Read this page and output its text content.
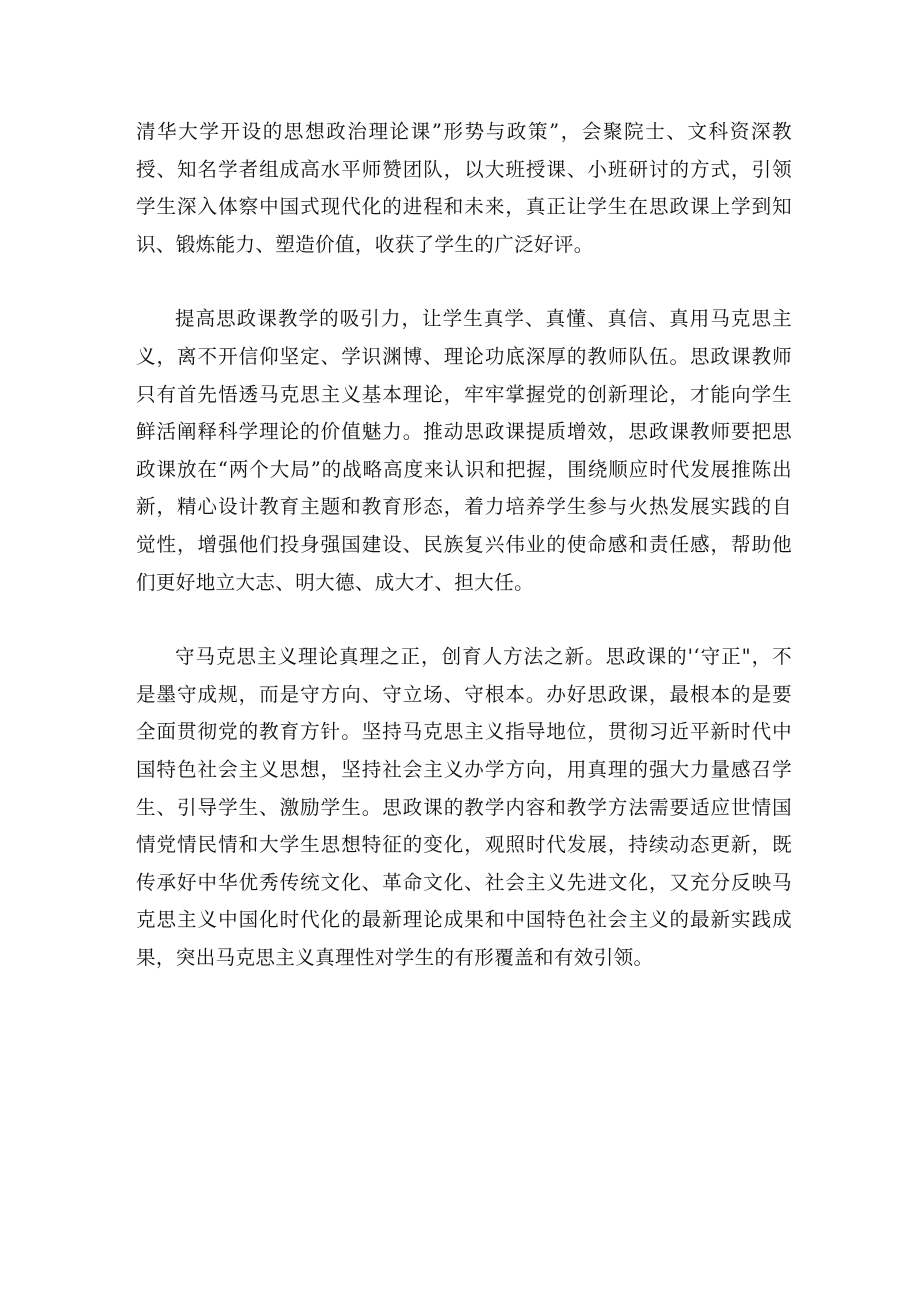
清华大学开设的思想政治理论课”形势与政策”，会聚院士、文科资深教授、知名学者组成高水平师赞团队，以大班授课、小班研讨的方式，引领学生深入体察中国式现代化的进程和未来，真正让学生在思政课上学到知识、锻炼能力、塑造价值，收获了学生的广泛好评。

提高思政课教学的吸引力，让学生真学、真懂、真信、真用马克思主义，离不开信仰坚定、学识渊博、理论功底深厚的教师队伍。思政课教师只有首先悟透马克思主义基本理论，牢牢掌握党的创新理论，才能向学生鲜活阐释科学理论的价值魅力。推动思政课提质增效，思政课教师要把思政课放在“两个大局”的战略高度来认识和把握，围绕顺应时代发展推陈出新，精心设计教育主题和教育形态，着力培养学生参与火热发展实践的自觉性，增强他们投身强国建设、民族复兴伟业的使命感和责任感，帮助他们更好地立大志、明大德、成大才、担大任。

守马克思主义理论真理之正，创育人方法之新。思政课的'‘守正"，不是墨守成规，而是守方向、守立场、守根本。办好思政课，最根本的是要全面贯彻党的教育方针。坚持马克思主义指导地位，贯彻习近平新时代中国特色社会主义思想，坚持社会主义办学方向，用真理的强大力量感召学生、引导学生、激励学生。思政课的教学内容和教学方法需要适应世情国情党情民情和大学生思想特征的变化，观照时代发展，持续动态更新，既传承好中华优秀传统文化、革命文化、社会主义先进文化，又充分反映马克思主义中国化时代化的最新理论成果和中国特色社会主义的最新实践成果，突出马克思主义真理性对学生的有形覆盖和有效引领。
